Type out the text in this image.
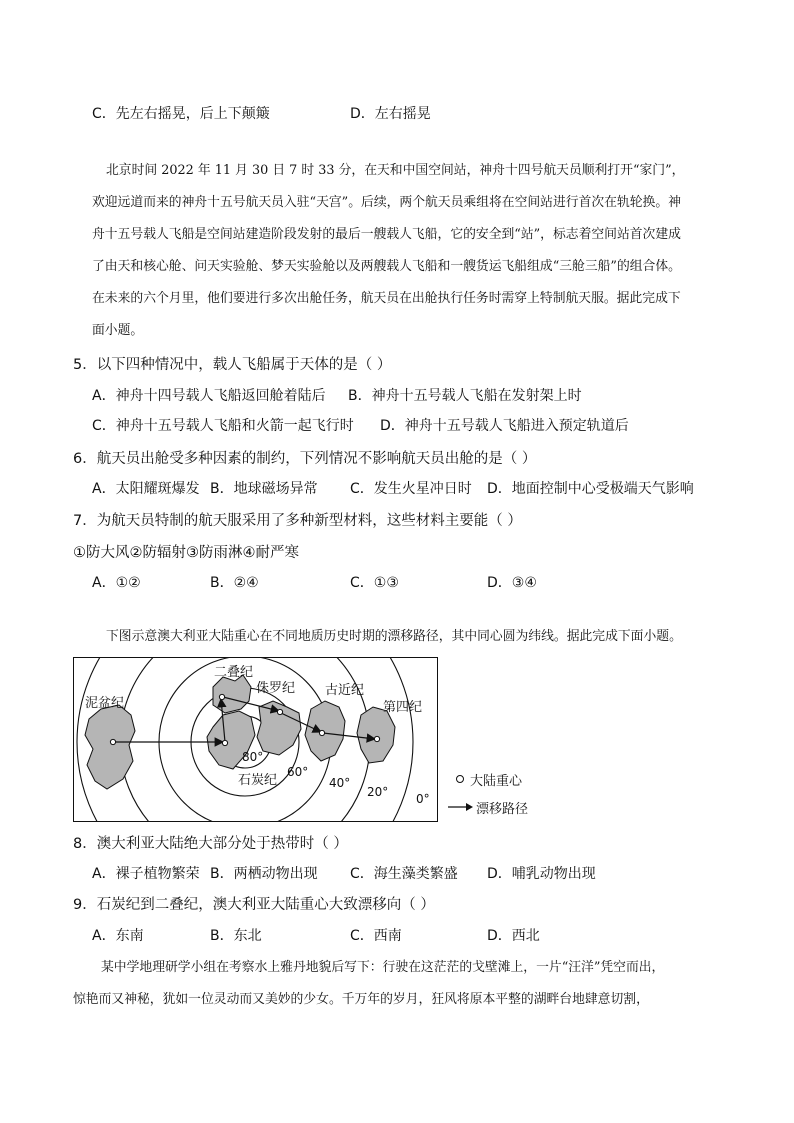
C．先左右摇晃，后上下颠簸	D．左右摇晃
北京时间 2022 年 11 月 30 日 7 时 33 分，在天和中国空间站，神舟十四号航天员顺利打开“家门”，
欢迎远道而来的神舟十五号航天员入驻“天宫”。后续，两个航天员乘组将在空间站进行首次在轨轮换。神
舟十五号载人飞船是空间站建造阶段发射的最后一艘载人飞船，它的安全到“站”，标志着空间站首次建成
了由天和核心舱、问天实验舱、梦天实验舱以及两艘载人飞船和一艘货运飞船组成“三舱三船”的组合体。
在未来的六个月里，他们要进行多次出舱任务，航天员在出舱执行任务时需穿上特制航天服。据此完成下
面小题。
5．以下四种情况中，载人飞船属于天体的是（ ）
A．神舟十四号载人飞船返回舱着陆后 B．神舟十五号载人飞船在发射架上时
C．神舟十五号载人飞船和火箭一起飞行时 D．神舟十五号载人飞船进入预定轨道后
6．航天员出舱受多种因素的制约，下列情况不影响航天员出舱的是（ ）
A．太阳耀斑爆发 B．地球磁场异常 C．发生火星冲日时 D．地面控制中心受极端天气影响
7．为航天员特制的航天服采用了多种新型材料，这些材料主要能（ ）
①防大风②防辐射③防雨淋④耐严寒
A．①②	B．②④	C．①③	D．③④
下图示意澳大利亚大陆重心在不同地质历史时期的漂移路径，其中同心圆为纬线。据此完成下面小题。
泥盆纪
二叠纪
侏罗纪 古近纪
第四纪
石炭纪
80°
60°
40°
20° 0°
大陆重心
漂移路径
8．澳大利亚大陆绝大部分处于热带时（ ）
A．裸子植物繁荣 B．两栖动物出现 C．海生藻类繁盛 D．哺乳动物出现
9．石炭纪到二叠纪，澳大利亚大陆重心大致漂移向（ ）
A．东南	B．东北	C．西南	D．西北
某中学地理研学小组在考察水上雅丹地貌后写下：行驶在这茫茫的戈壁滩上，一片“汪洋”凭空而出，
惊艳而又神秘，犹如一位灵动而又美妙的少女。千万年的岁月，狂风将原本平整的湖畔台地肆意切割，
